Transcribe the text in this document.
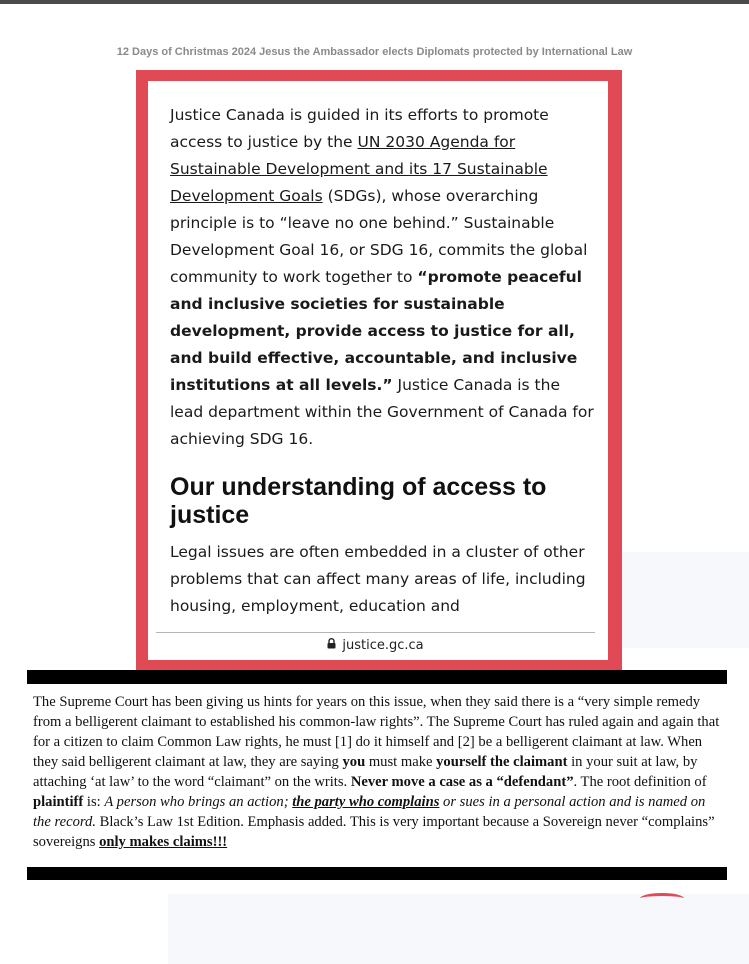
12 Days of Christmas 2024 Jesus the Ambassador elects Diplomats protected by International Law

Justice Canada is guided in its efforts to promote access to justice by the UN 2030 Agenda for Sustainable Development and its 17 Sustainable Development Goals (SDGs), whose overarching principle is to “leave no one behind.” Sustainable Development Goal 16, or SDG 16, commits the global community to work together to “promote peaceful and inclusive societies for sustainable development, provide access to justice for all, and build effective, accountable, and inclusive institutions at all levels.” Justice Canada is the lead department within the Government of Canada for achieving SDG 16.

Our understanding of access to justice

Legal issues are often embedded in a cluster of other problems that can affect many areas of life, including housing, employment, education and

justice.gc.ca

The Supreme Court has been giving us hints for years on this issue, when they said there is a “very simple remedy from a belligerent claimant to established his common-law rights”. The Supreme Court has ruled again and again that for a citizen to claim Common Law rights, he must [1] do it himself and [2] be a belligerent claimant at law. When they said belligerent claimant at law, they are saying you must make yourself the claimant in your suit at law, by attaching ‘at law’ to the word “claimant” on the writs. Never move a case as a “defendant”. The root definition of plaintiff is: A person who brings an action; the party who complains or sues in a personal action and is named on the record. Black’s Law 1st Edition. Emphasis added. This is very important because a Sovereign never “complains” sovereigns only makes claims!!!
